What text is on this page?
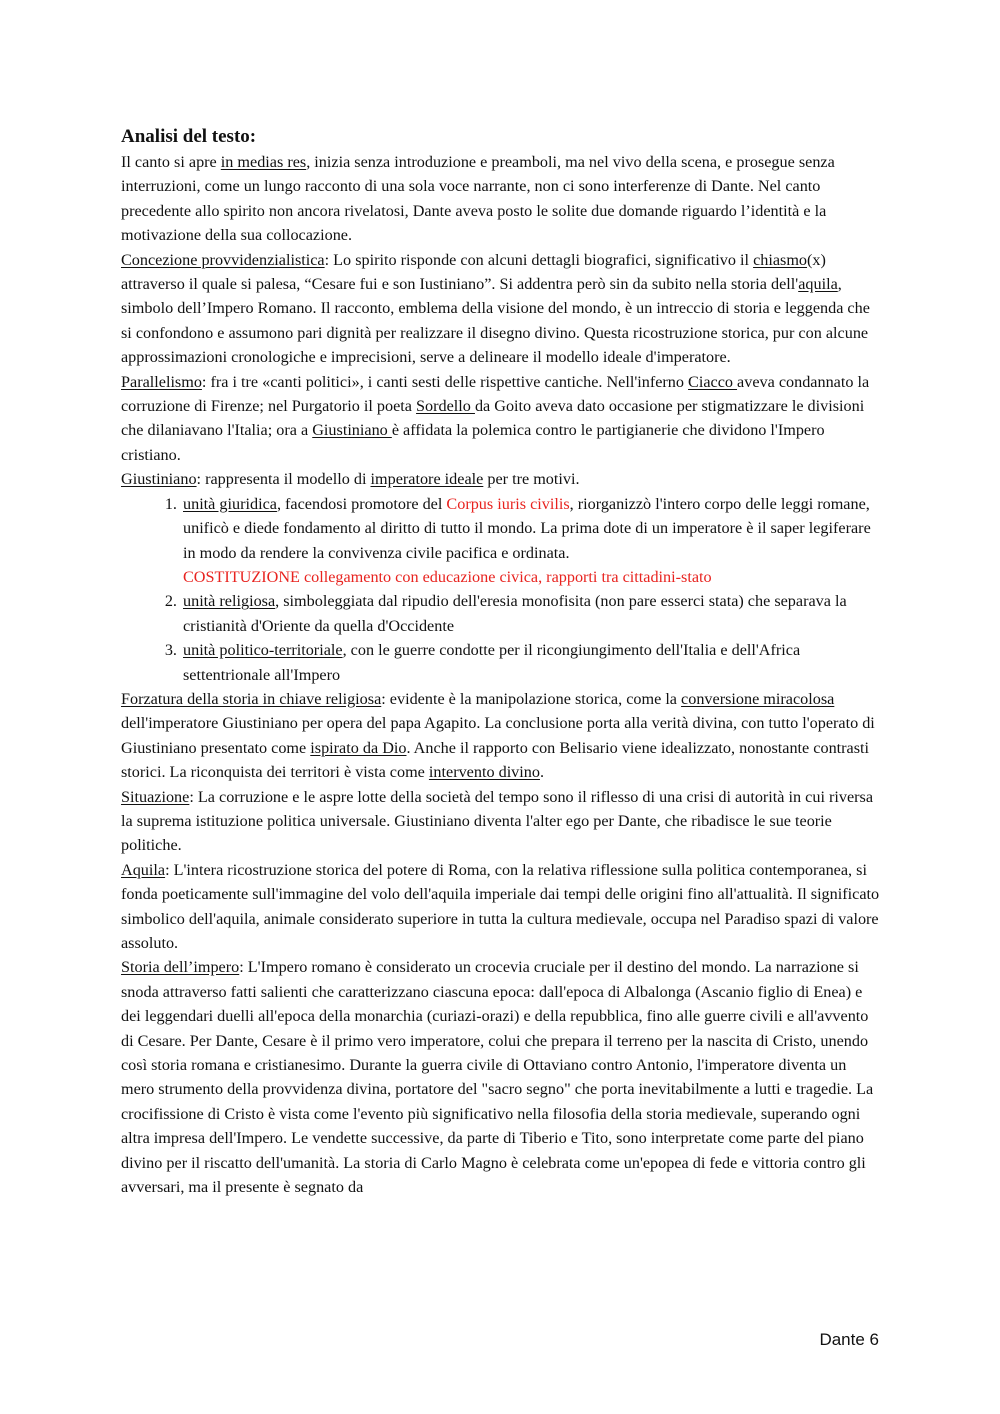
Analisi del testo:

Il canto si apre in medias res, inizia senza introduzione e preamboli, ma nel vivo della scena, e prosegue senza interruzioni, come un lungo racconto di una sola voce narrante, non ci sono interferenze di Dante. Nel canto precedente allo spirito non ancora rivelatosi, Dante aveva posto le solite due domande riguardo l’identità e la motivazione della sua collocazione.

Concezione provvidenzialistica: Lo spirito risponde con alcuni dettagli biografici, significativo il chiasmo(x) attraverso il quale si palesa, “Cesare fui e son Iustiniano”. Si addentra però sin da subito nella storia dell'aquila, simbolo dell’Impero Romano. Il racconto, emblema della visione del mondo, è un intreccio di storia e leggenda che si confondono e assumono pari dignità per realizzare il disegno divino. Questa ricostruzione storica, pur con alcune approssimazioni cronologiche e imprecisioni, serve a delineare il modello ideale d'imperatore.

Parallelismo: fra i tre «canti politici», i canti sesti delle rispettive cantiche. Nell'inferno Ciacco aveva condannato la corruzione di Firenze; nel Purgatorio il poeta Sordello da Goito aveva dato occasione per stigmatizzare le divisioni che dilaniavano l'Italia; ora a Giustiniano è affidata la polemica contro le partigianerie che dividono l'Impero cristiano.

Giustiniano: rappresenta il modello di imperatore ideale per tre motivi.

1. unità giuridica, facendosi promotore del Corpus iuris civilis, riorganizzò l'intero corpo delle leggi romane, unificò e diede fondamento al diritto di tutto il mondo. La prima dote di un imperatore è il saper legiferare in modo da rendere la convivenza civile pacifica e ordinata.
COSTITUZIONE collegamento con educazione civica, rapporti tra cittadini-stato
2. unità religiosa, simboleggiata dal ripudio dell'eresia monofisita (non pare esserci stata) che separava la cristianità d'Oriente da quella d'Occidente
3. unità politico-territoriale, con le guerre condotte per il ricongiungimento dell'Italia e dell'Africa settentrionale all'Impero

Forzatura della storia in chiave religiosa: evidente è la manipolazione storica, come la conversione miracolosa dell'imperatore Giustiniano per opera del papa Agapito. La conclusione porta alla verità divina, con tutto l'operato di Giustiniano presentato come ispirato da Dio. Anche il rapporto con Belisario viene idealizzato, nonostante contrasti storici. La riconquista dei territori è vista come intervento divino.

Situazione: La corruzione e le aspre lotte della società del tempo sono il riflesso di una crisi di autorità in cui riversa la suprema istituzione politica universale. Giustiniano diventa l'alter ego per Dante, che ribadisce le sue teorie politiche.

Aquila: L'intera ricostruzione storica del potere di Roma, con la relativa riflessione sulla politica contemporanea, si fonda poeticamente sull'immagine del volo dell'aquila imperiale dai tempi delle origini fino all'attualità. Il significato simbolico dell'aquila, animale considerato superiore in tutta la cultura medievale, occupa nel Paradiso spazi di valore assoluto.

Storia dell’impero: L'Impero romano è considerato un crocevia cruciale per il destino del mondo. La narrazione si snoda attraverso fatti salienti che caratterizzano ciascuna epoca: dall'epoca di Albalonga (Ascanio figlio di Enea) e dei leggendari duelli all'epoca della monarchia (curiazi-orazi) e della repubblica, fino alle guerre civili e all'avvento di Cesare. Per Dante, Cesare è il primo vero imperatore, colui che prepara il terreno per la nascita di Cristo, unendo così storia romana e cristianesimo. Durante la guerra civile di Ottaviano contro Antonio, l'imperatore diventa un mero strumento della provvidenza divina, portatore del "sacro segno" che porta inevitabilmente a lutti e tragedie. La crocifissione di Cristo è vista come l'evento più significativo nella filosofia della storia medievale, superando ogni altra impresa dell'Impero. Le vendette successive, da parte di Tiberio e Tito, sono interpretate come parte del piano divino per il riscatto dell'umanità. La storia di Carlo Magno è celebrata come un'epopea di fede e vittoria contro gli avversari, ma il presente è segnato da

Dante 6
